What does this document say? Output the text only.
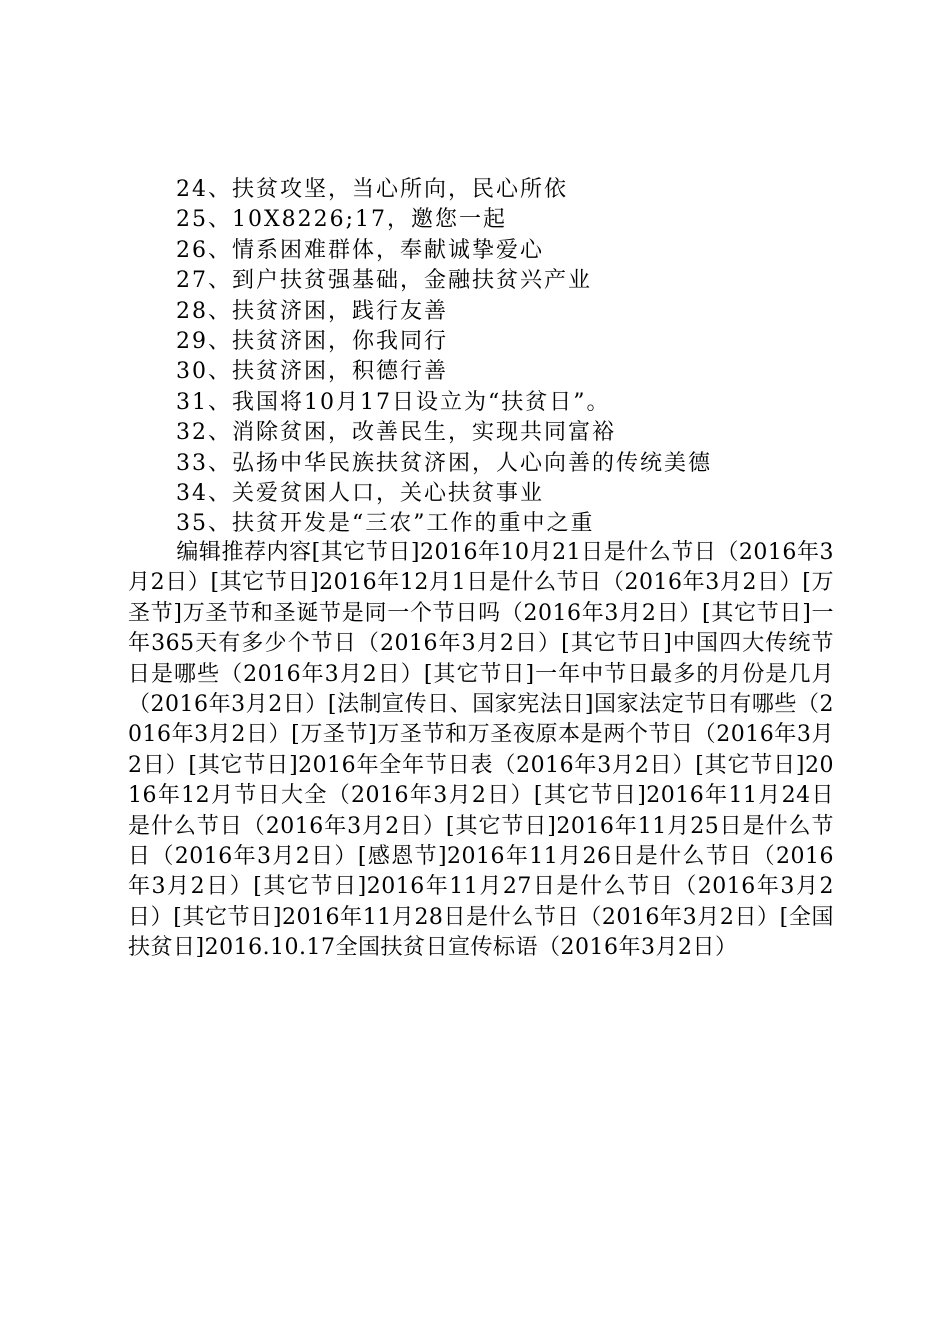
24、扶贫攻坚，当心所向，民心所依
25、10X8226;17，邀您一起
26、情系困难群体，奉献诚挚爱心
27、到户扶贫强基础，金融扶贫兴产业
28、扶贫济困，践行友善
29、扶贫济困，你我同行
30、扶贫济困，积德行善
31、我国将10月17日设立为“扶贫日”。
32、消除贫困，改善民生，实现共同富裕
33、弘扬中华民族扶贫济困，人心向善的传统美德
34、关爱贫困人口，关心扶贫事业
35、扶贫开发是“三农”工作的重中之重

编辑推荐内容[其它节日]2016年10月21日是什么节日（2016年3月2日）[其它节日]2016年12月1日是什么节日（2016年3月2日）[万圣节]万圣节和圣诞节是同一个节日吗（2016年3月2日）[其它节日]一年365天有多少个节日（2016年3月2日）[其它节日]中国四大传统节日是哪些（2016年3月2日）[其它节日]一年中节日最多的月份是几月（2016年3月2日）[法制宣传日、国家宪法日]国家法定节日有哪些（2016年3月2日）[万圣节]万圣节和万圣夜原本是两个节日（2016年3月2日）[其它节日]2016年全年节日表（2016年3月2日）[其它节日]2016年12月节日大全（2016年3月2日）[其它节日]2016年11月24日是什么节日（2016年3月2日）[其它节日]2016年11月25日是什么节日（2016年3月2日）[感恩节]2016年11月26日是什么节日（2016年3月2日）[其它节日]2016年11月27日是什么节日（2016年3月2日）[其它节日]2016年11月28日是什么节日（2016年3月2日）[全国扶贫日]2016.10.17全国扶贫日宣传标语（2016年3月2日）
